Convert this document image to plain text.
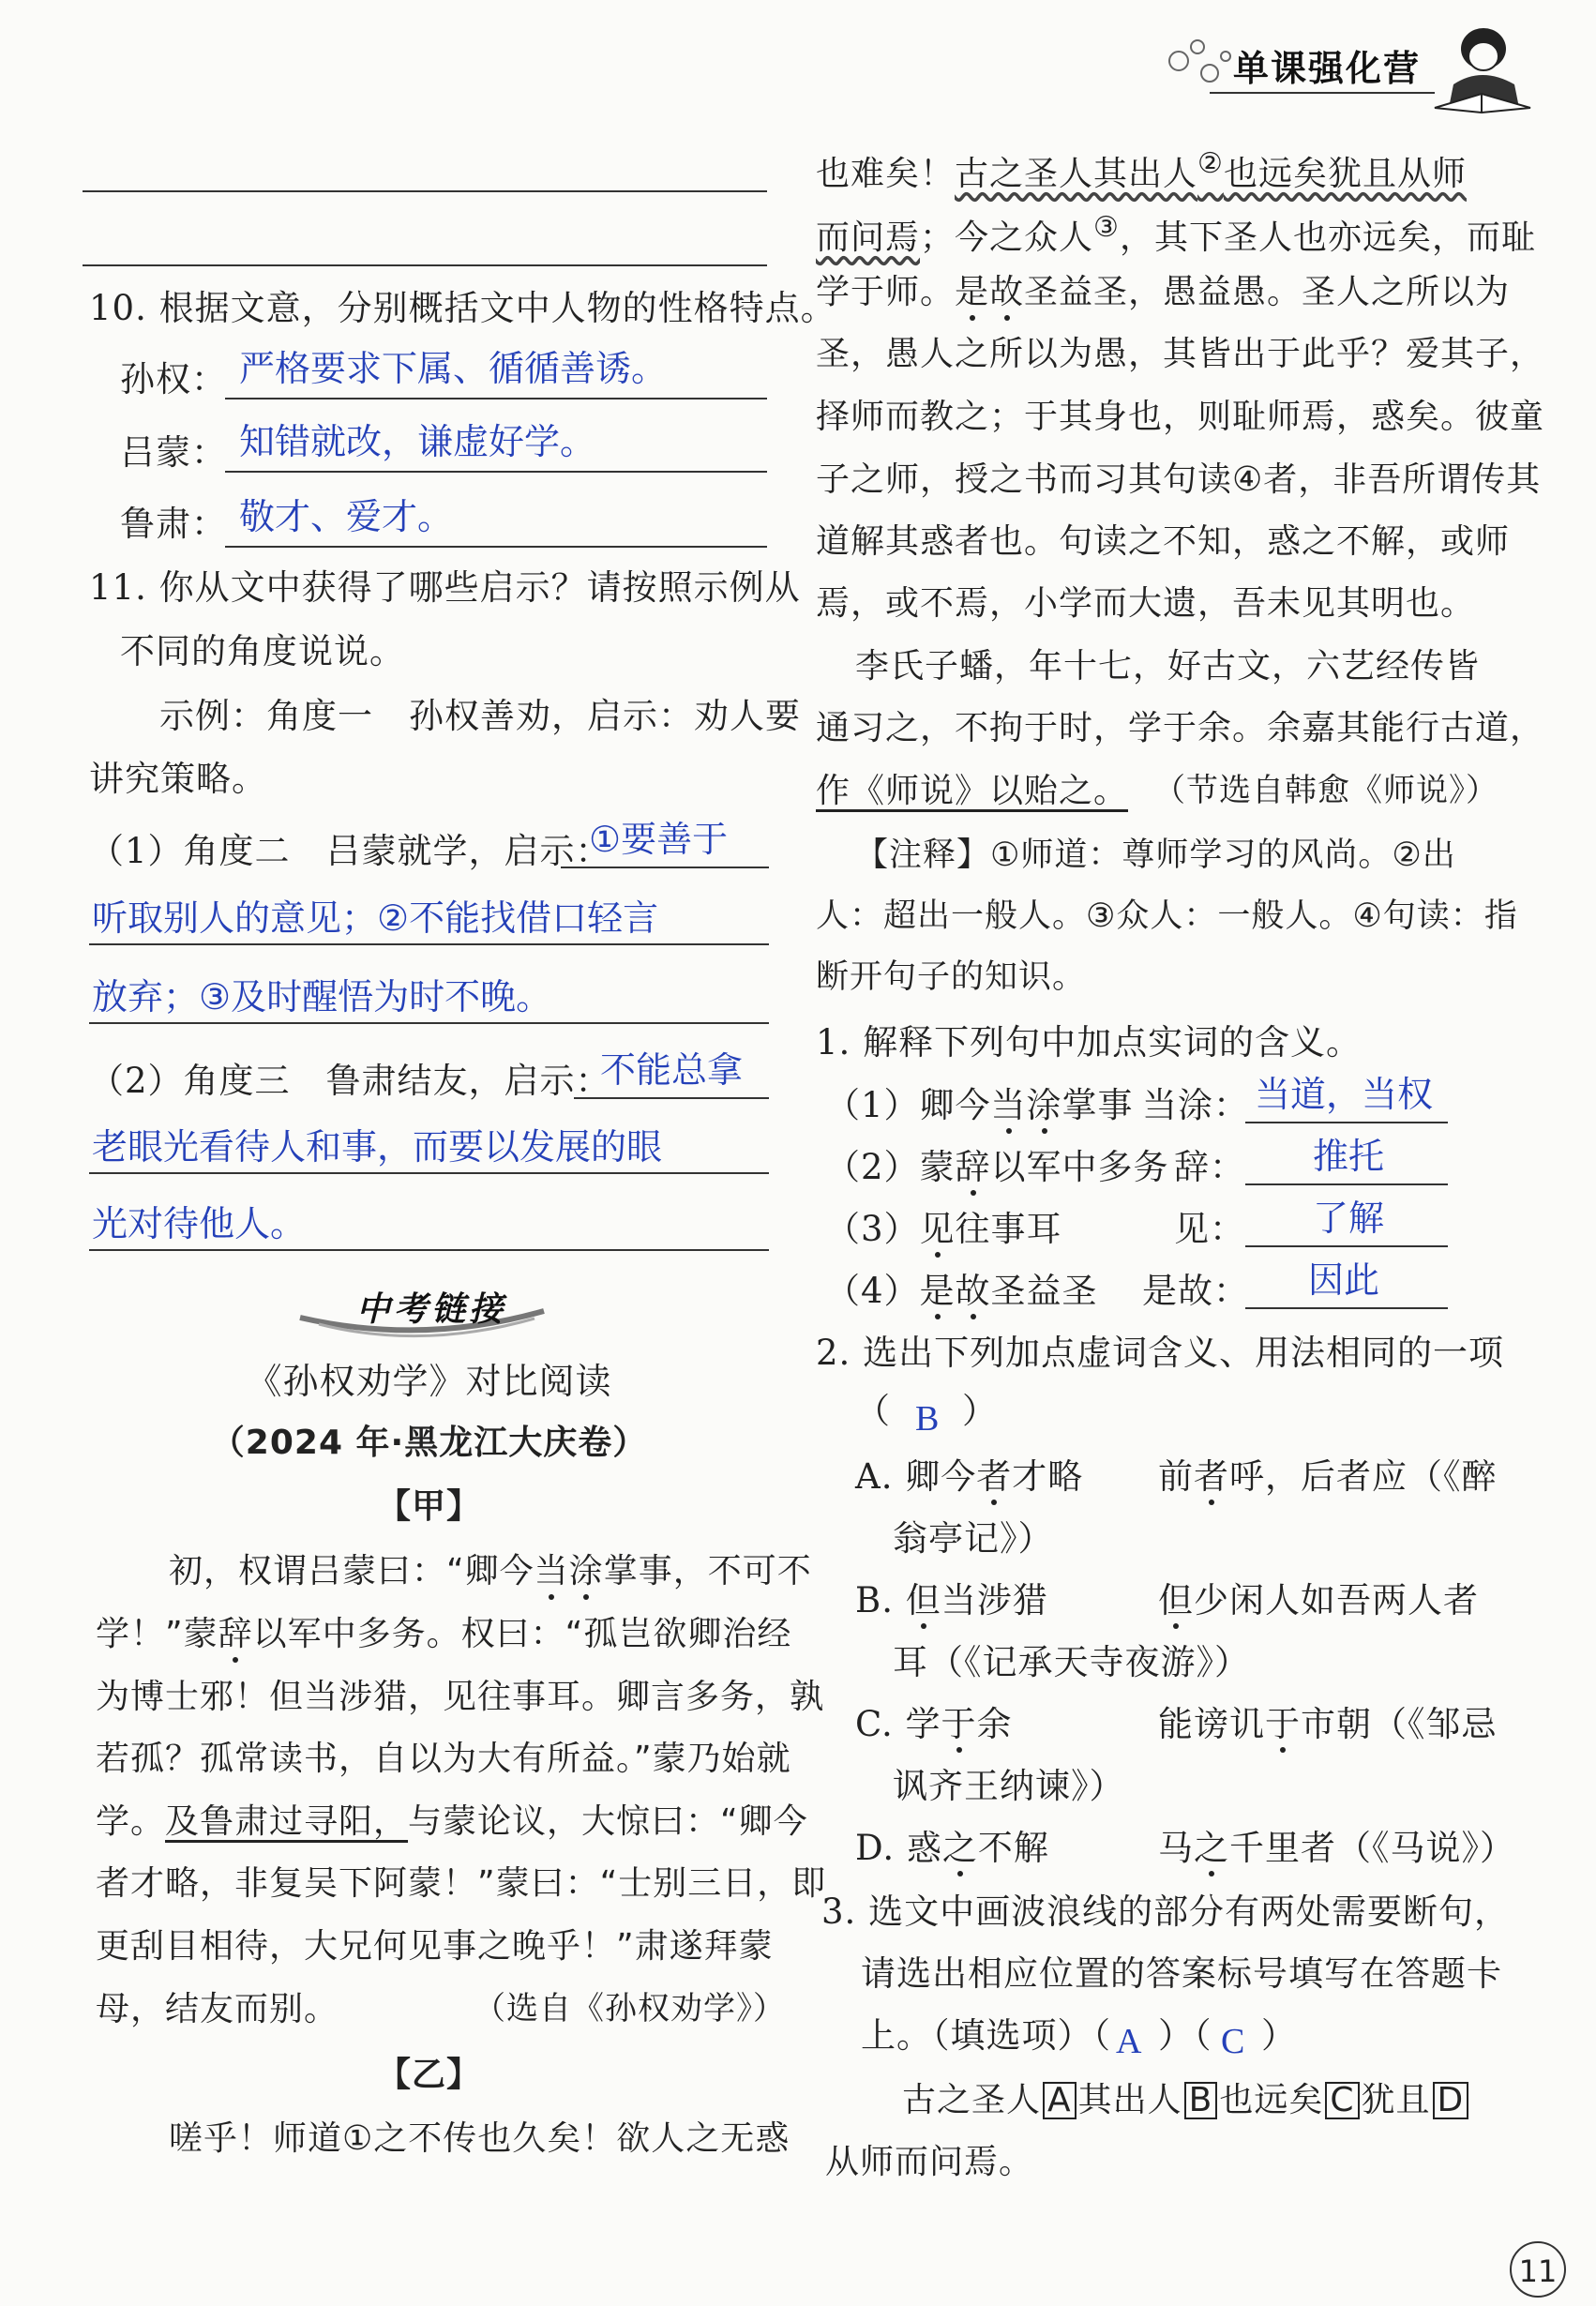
单课强化营
10. 根据文意，分别概括文中人物的性格特点。
孙权： 严格要求下属、循循善诱。
吕蒙： 知错就改，谦虚好学。
鲁肃： 敬才、爱才。
11. 你从文中获得了哪些启示？请按照示例从
不同的角度说说。
示例：角度一　孙权善劝，启示：劝人要
讲究策略。
（1）角度二　吕蒙就学，启示：
①要善于
听取别人的意见；②不能找借口轻言
放弃；③及时醒悟为时不晚。
（2）角度三　鲁肃结友，启示：
不能总拿
老眼光看待人和事，而要以发展的眼
光对待他人。
中考链接
《孙权劝学》对比阅读
（2024 年·黑龙江大庆卷）
【甲】
初，权谓吕蒙曰：“卿今当涂掌事，不可不
学！”蒙辞以军中多务。权曰：“孤岂欲卿治经
为博士邪！但当涉猎，见往事耳。卿言多务，孰
若孤？孤常读书，自以为大有所益。”蒙乃始就
学。及鲁肃过寻阳，与蒙论议，大惊曰：“卿今
者才略，非复吴下阿蒙！”蒙曰：“士别三日，即
更刮目相待，大兄何见事之晚乎！”肃遂拜蒙
母，结友而别。	（选自《孙权劝学》）
【乙】
嗟乎！师道①之不传也久矣！欲人之无惑
也难矣！古之圣人其出人②也远矣犹且从师
而问焉；今之众人③，其下圣人也亦远矣，而耻
学于师。是故圣益圣，愚益愚。圣人之所以为
圣，愚人之所以为愚，其皆出于此乎？爱其子，
择师而教之；于其身也，则耻师焉，惑矣。彼童
子之师，授之书而习其句读④者，非吾所谓传其
道解其惑者也。句读之不知，惑之不解，或师
焉，或不焉，小学而大遗，吾未见其明也。
李氏子蟠，年十七，好古文，六艺经传皆
通习之，不拘于时，学于余。余嘉其能行古道，
作《师说》以贻之。 （节选自韩愈《师说》）
【注释】①师道：尊师学习的风尚。②出
人：超出一般人。③众人：一般人。④句读：指
断开句子的知识。
1. 解释下列句中加点实词的含义。
（1）卿今当涂掌事 当涂： 当道，当权
（2）蒙辞以军中多务 辞： 推托
（3）见往事耳	见： 了解
（4）是故圣益圣 是故： 因此
2. 选出下列加点虚词含义、用法相同的一项
（ B ）
A. 卿今者才略 前者呼，后者应（《醉
翁亭记》）
B. 但当涉猎	但少闲人如吾两人者
耳（《记承天寺夜游》）
C. 学于余	能谤讥于市朝（《邹忌
讽齐王纳谏》）
D. 惑之不解	马之千里者（《马说》）
3. 选文中画波浪线的部分有两处需要断句，
请选出相应位置的答案标号填写在答题卡
上。（填选项）（ A ）（ C ）
古之圣人 A 其出人 B 也远矣 C 犹且 D
从师而问焉。
11
